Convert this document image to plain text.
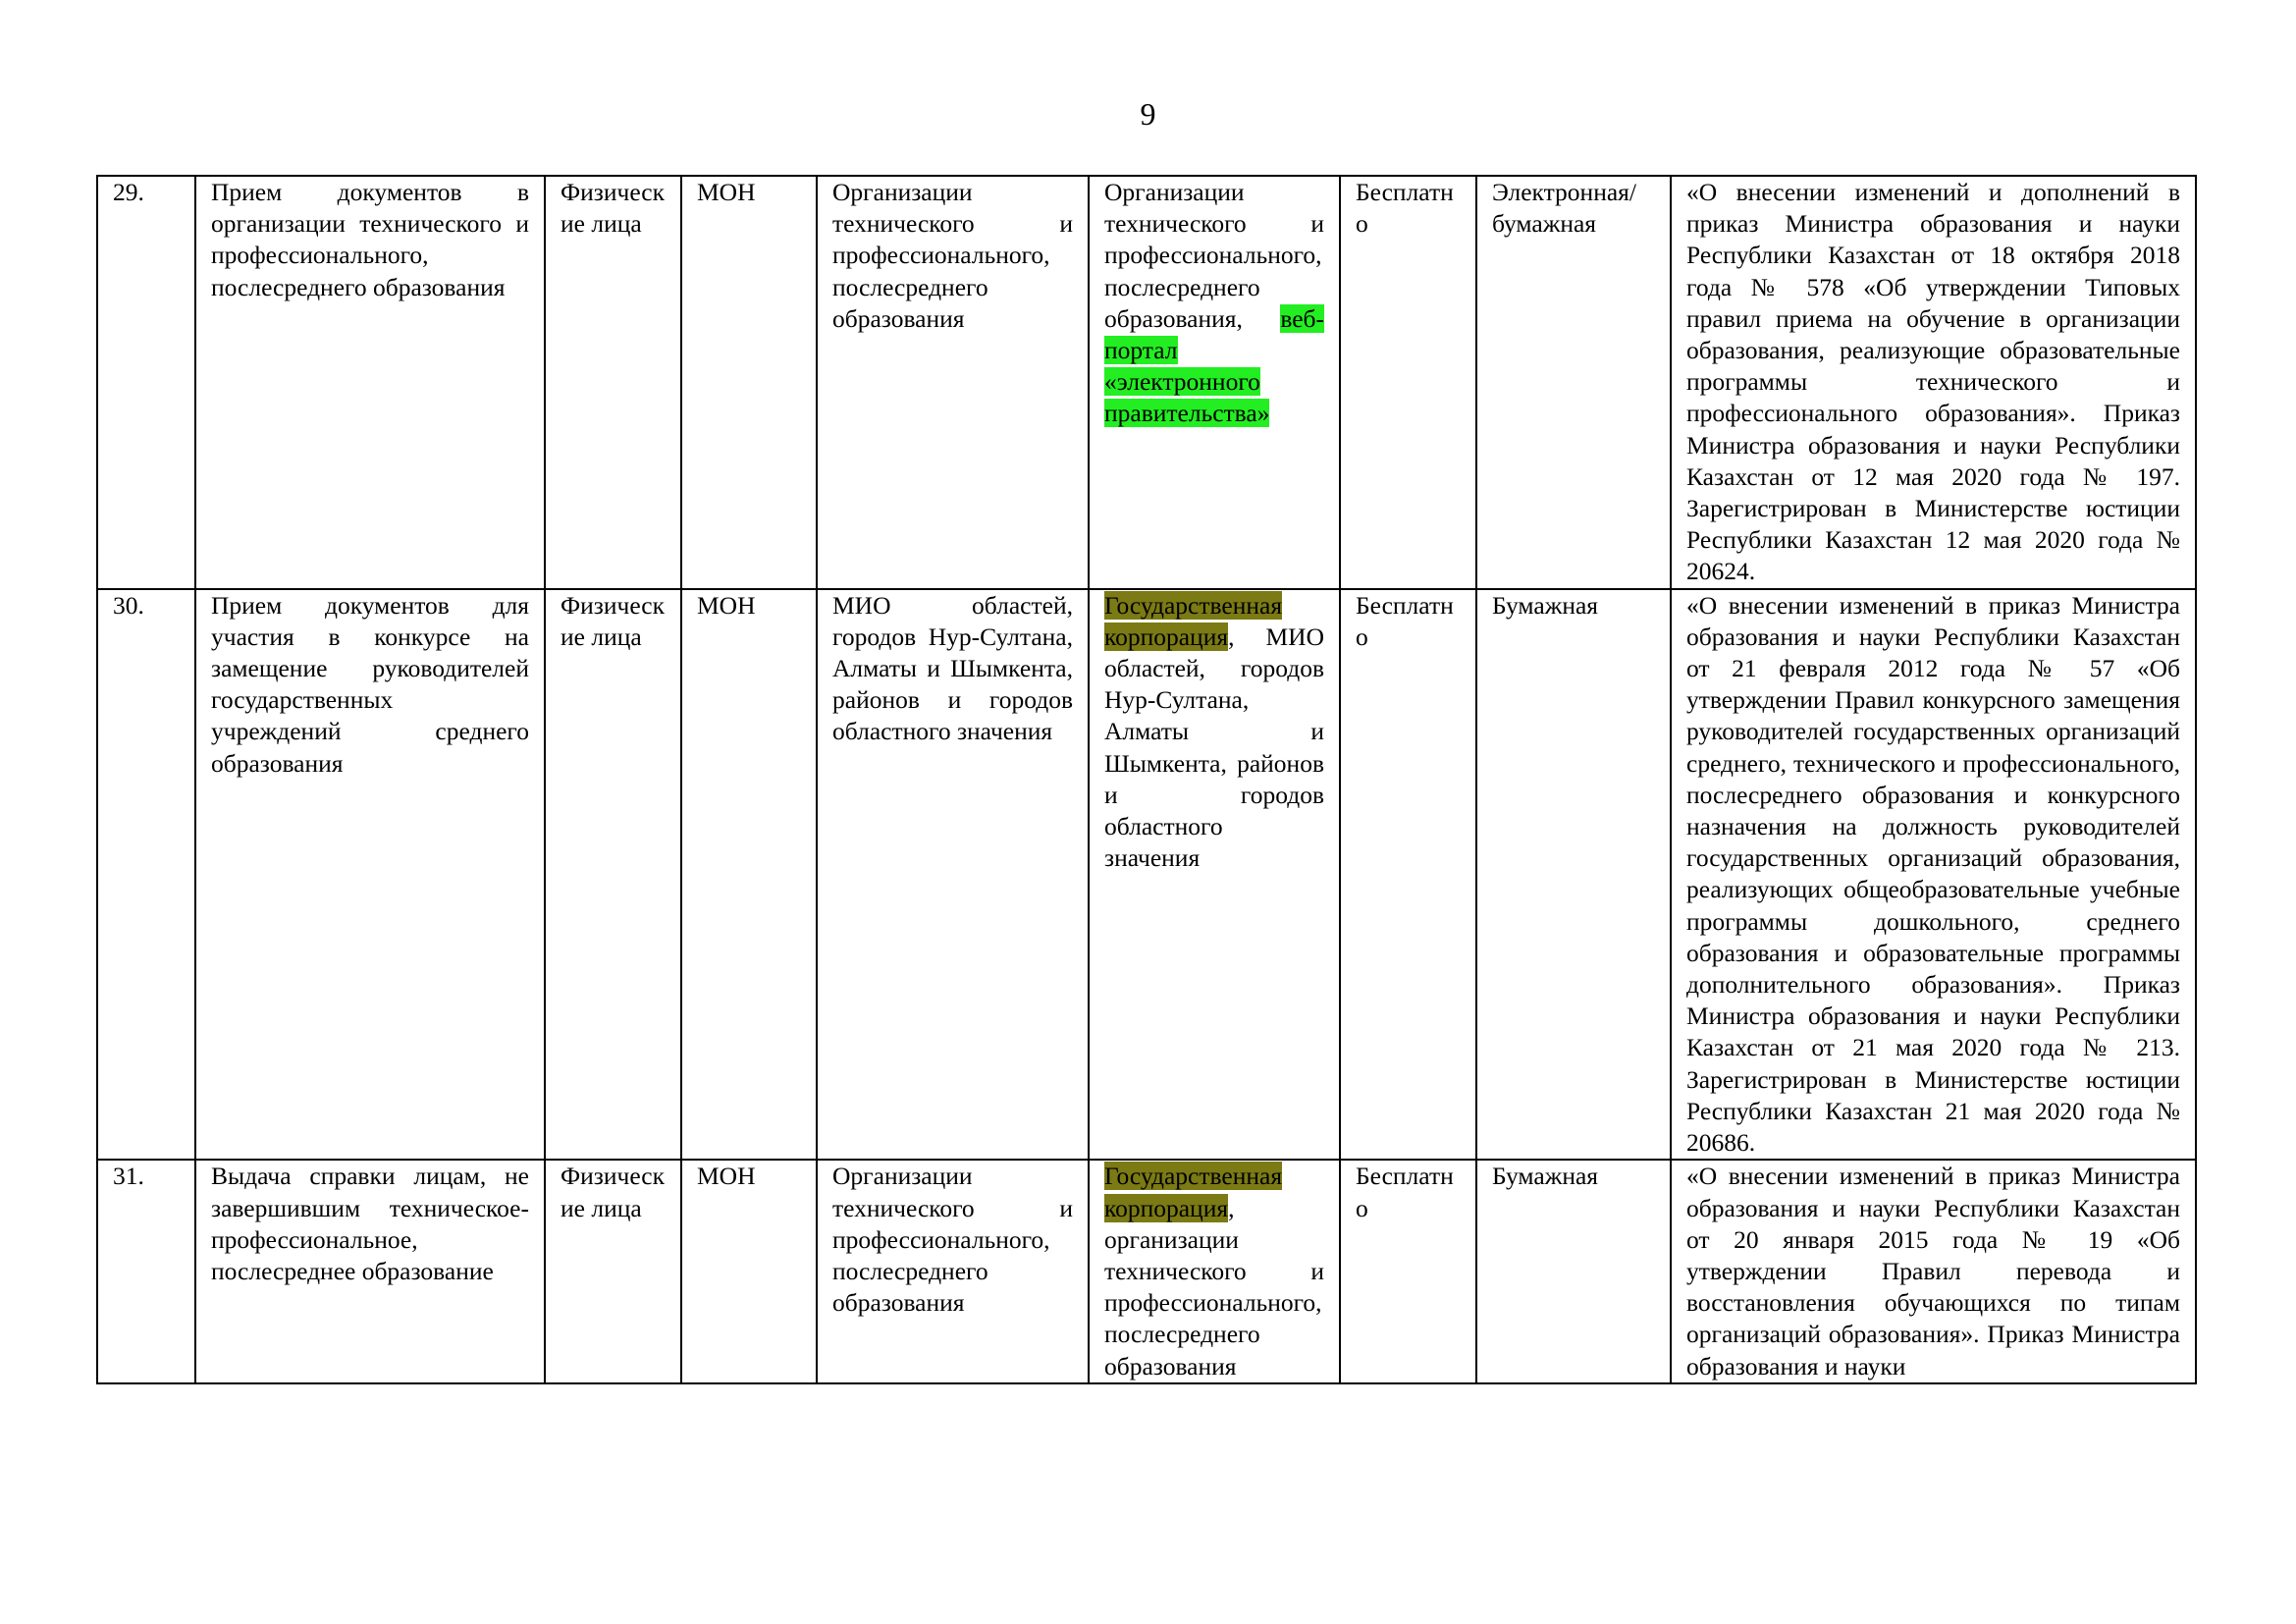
9
29.	Прием документов в организации технического и профессионального, послесреднего образования	Физические лица	МОН	Организации технического и профессионального, послесреднего образования	Организации технического и профессионального, послесреднего образования, веб-портал «электронного правительства»	Бесплатно	Электронная/ бумажная	«О внесении изменений и дополнений в приказ Министра образования и науки Республики Казахстан от 18 октября 2018 года № 578 «Об утверждении Типовых правил приема на обучение в организации образования, реализующие образовательные программы технического и профессионального образования». Приказ Министра образования и науки Республики Казахстан от 12 мая 2020 года № 197. Зарегистрирован в Министерстве юстиции Республики Казахстан 12 мая 2020 года № 20624.
30.	Прием документов для участия в конкурсе на замещение руководителей государственных учреждений среднего образования	Физические лица	МОН	МИО областей, городов Нур-Султана, Алматы и Шымкента, районов и городов областного значения	Государственная корпорация, МИО областей, городов Нур-Султана, Алматы и Шымкента, районов и городов областного значения	Бесплатно	Бумажная	«О внесении изменений в приказ Министра образования и науки Республики Казахстан от 21 февраля 2012 года № 57 «Об утверждении Правил конкурсного замещения руководителей государственных организаций среднего, технического и профессионального, послесреднего образования и конкурсного назначения на должность руководителей государственных организаций образования, реализующих общеобразовательные учебные программы дошкольного, среднего образования и образовательные программы дополнительного образования». Приказ Министра образования и науки Республики Казахстан от 21 мая 2020 года № 213. Зарегистрирован в Министерстве юстиции Республики Казахстан 21 мая 2020 года № 20686.
31.	Выдача справки лицам, не завершившим техническое-профессиональное, послесреднее образование	Физические лица	МОН	Организации технического и профессионального, послесреднего образования	Государственная корпорация, организации технического и профессионального, послесреднего образования	Бесплатно	Бумажная	«О внесении изменений в приказ Министра образования и науки Республики Казахстан от 20 января 2015 года № 19 «Об утверждении Правил перевода и восстановления обучающихся по типам организаций образования». Приказ Министра образования и науки
